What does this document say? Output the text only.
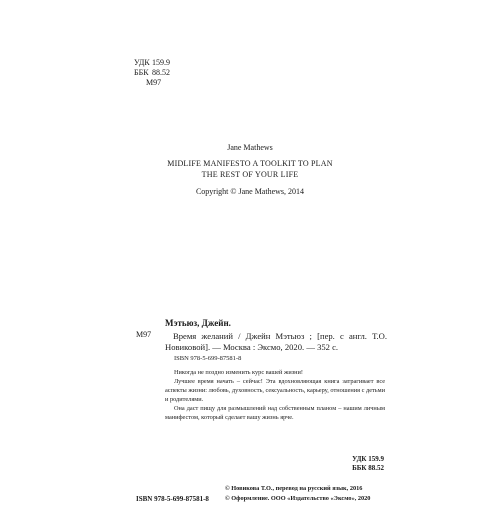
УДК 159.9
ББК 88.52
М97
Jane Mathews
MIDLIFE MANIFESTO A TOOLKIT TO PLAN
THE REST OF YOUR LIFE
Copyright © Jane Mathews, 2014
М97
Мэтьюз, Джейн.
Время желаний / Джейн Мэтьюз ; [пер. с англ. Т.О. Новиковой]. — Москва : Эксмо, 2020. — 352 с.
ISBN 978-5-699-87581-8

Никогда не поздно изменить курс вашей жизни!

Лучшее время начать – сейчас! Эта вдохновляющая книга затрагивает все аспекты жизни: любовь, духовность, сексуальность, карьеру, отношения с детьми и родителями.

Она даст пищу для размышлений над собственным планом – нашим личным манифестом, который сделает вашу жизнь ярче.

УДК 159.9
ББК 88.52
ISBN 978-5-699-87581-8
© Новикова Т.О., перевод на русский язык, 2016
© Оформление. ООО «Издательство «Эксмо», 2020
